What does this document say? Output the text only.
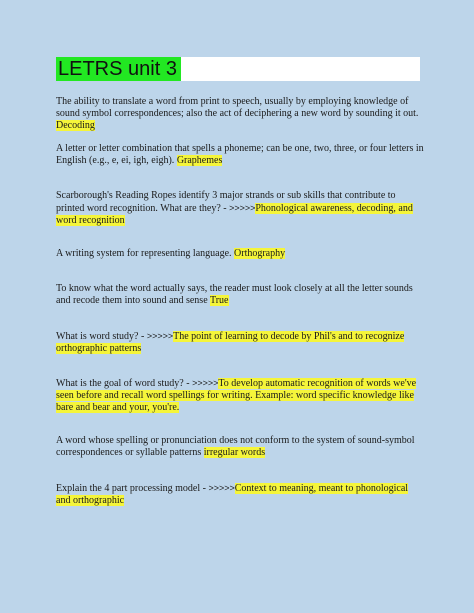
LETRS unit 3

The ability to translate a word from print to speech, usually by employing knowledge of sound symbol correspondences; also the act of deciphering a new word by sounding it out. Decoding

A letter or letter combination that spells a phoneme; can be one, two, three, or four letters in English (e.g., e, ei, igh, eigh). Graphemes

Scarborough's Reading Ropes identify 3 major strands or sub skills that contribute to printed word recognition. What are they? - >>>>>Phonological awareness, decoding, and word recognition

A writing system for representing language. Orthography

To know what the word actually says, the reader must look closely at all the letter sounds and recode them into sound and sense True

What is word study? - >>>>>The point of learning to decode by Phil's and to recognize orthographic patterns

What is the goal of word study? - >>>>>To develop automatic recognition of words we've seen before and recall word spellings for writing. Example: word specific knowledge like bare and bear and your, you're.

A word whose spelling or pronunciation does not conform to the system of sound-symbol correspondences or syllable patterns irregular words

Explain the 4 part processing model - >>>>>Context to meaning, meant to phonological and orthographic
